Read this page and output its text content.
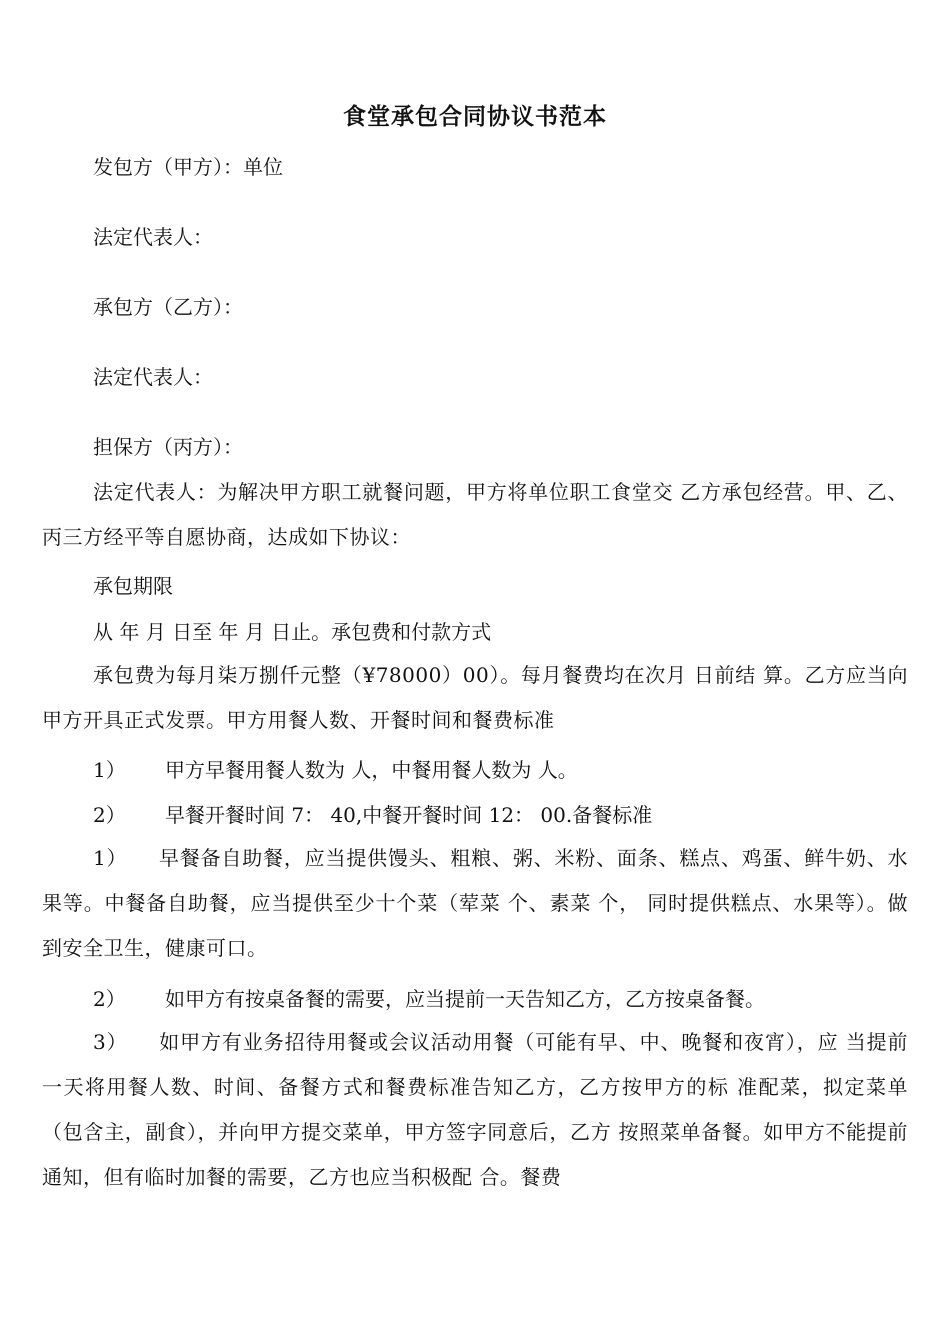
食堂承包合同协议书范本
发包方（甲方）：单位
法定代表人：
承包方（乙方）：
法定代表人：
担保方（丙方）：
法定代表人：为解决甲方职工就餐问题，甲方将单位职工食堂交 乙方承包经营。甲、乙、丙三方经平等自愿协商，达成如下协议：
承包期限
从 年 月 日至 年 月 日止。承包费和付款方式
承包费为每月柒万捌仟元整（¥78000）00）。每月餐费均在次月 日前结 算。乙方应当向甲方开具正式发票。甲方用餐人数、开餐时间和餐费标准
1） 甲方早餐用餐人数为 人，中餐用餐人数为 人。
2） 早餐开餐时间 7： 40,中餐开餐时间 12： 00.备餐标准
1）　　早餐备自助餐，应当提供馒头、粗粮、粥、米粉、面条、糕点、鸡蛋、鲜牛奶、水果等。中餐备自助餐，应当提供至少十个菜（荤菜 个、素菜 个， 同时提供糕点、水果等）。做到安全卫生，健康可口。
2） 如甲方有按桌备餐的需要，应当提前一天告知乙方，乙方按桌备餐。
3）　　如甲方有业务招待用餐或会议活动用餐（可能有早、中、晚餐和夜宵），应 当提前一天将用餐人数、时间、备餐方式和餐费标准告知乙方，乙方按甲方的标 准配菜，拟定菜单（包含主，副食），并向甲方提交菜单，甲方签字同意后，乙方 按照菜单备餐。如甲方不能提前通知，但有临时加餐的需要，乙方也应当积极配 合。餐费
